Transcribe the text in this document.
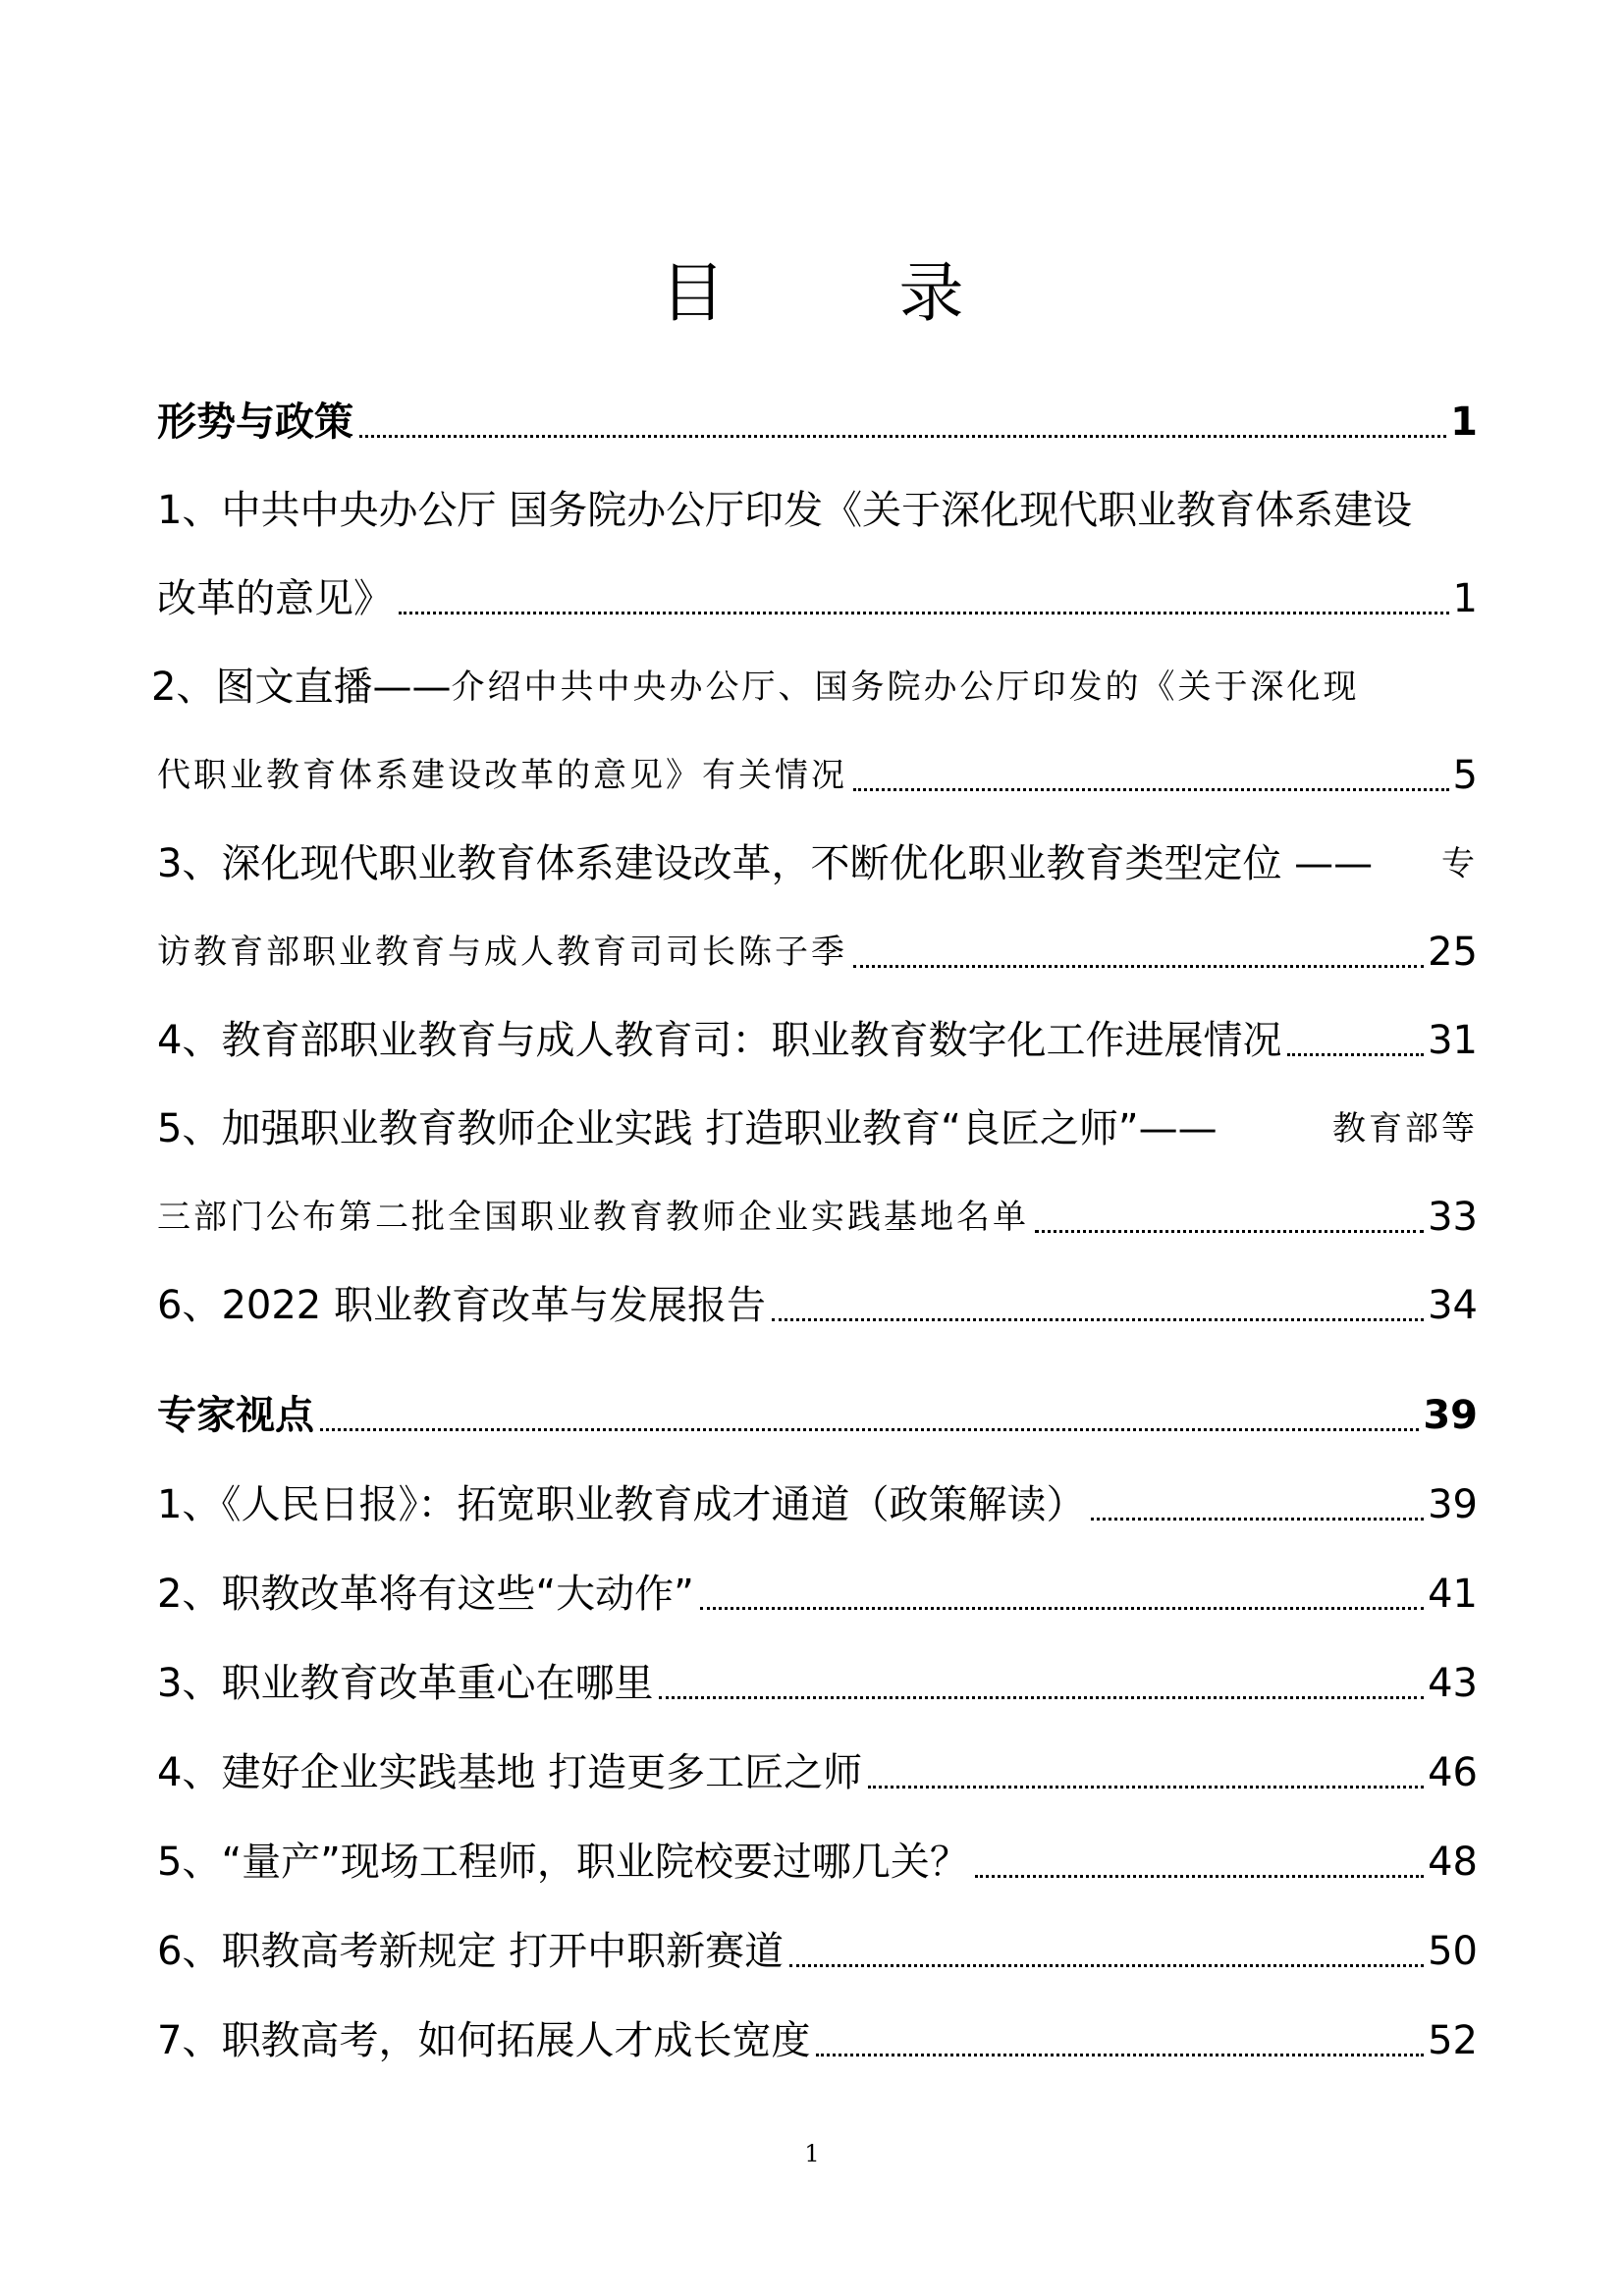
目 录
形势与政策	1
1、中共中央办公厅 国务院办公厅印发《关于深化现代职业教育体系建设
改革的意见》	1
2、图文直播—— 介绍中共中央办公厅、国务院办公厅印发的《关于深化现
代职业教育体系建设改革的意见》有关情况	5
3、深化现代职业教育体系建设改革，不断优化职业教育类型定位 —— 专
访教育部职业教育与成人教育司司长陈子季	25
4、教育部职业教育与成人教育司：职业教育数字化工作进展情况	31
5、加强职业教育教师企业实践 打造职业教育“良匠之师”——	教育部等
三部门公布第二批全国职业教育教师企业实践基地名单	33
6、2022 职业教育改革与发展报告	34
专家视点	39
1、《人民日报》：拓宽职业教育成才通道（政策解读）	39
2、职教改革将有这些“大动作”	41
3、职业教育改革重心在哪里	43
4、建好企业实践基地 打造更多工匠之师	46
5、“量产”现场工程师，职业院校要过哪几关？	48
6、职教高考新规定 打开中职新赛道	50
7、职教高考，如何拓展人才成长宽度	52
1
